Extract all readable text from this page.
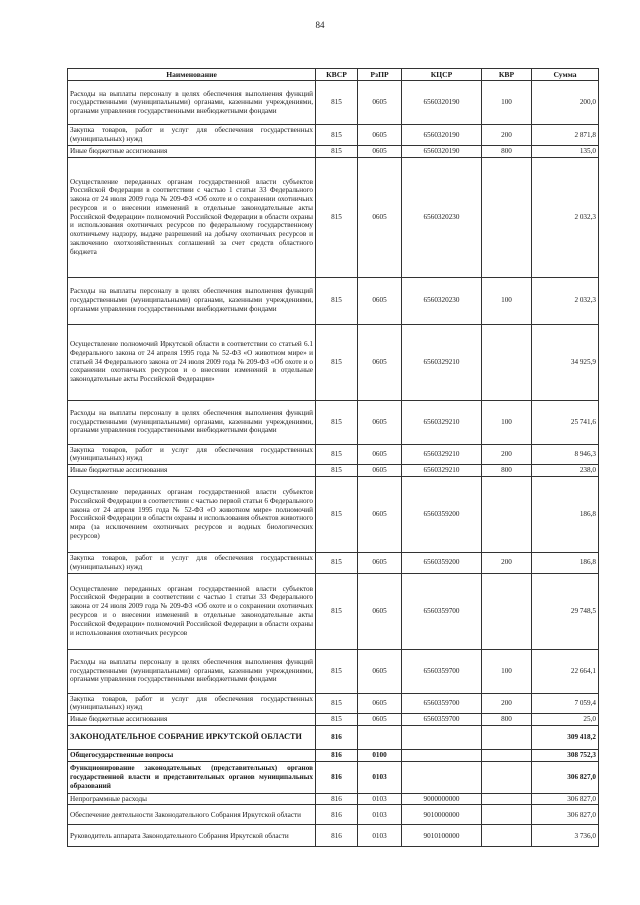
84
Наименование	КВСР	РзПР	КЦСР	КВР	Сумма
Расходы на выплаты персоналу в целях обеспечения выполнения функций государственными (муниципальными) органами, казенными учреждениями, органами управления государственными внебюджетными фондами	815	0605	6560320190	100	200,0
Закупка товаров, работ и услуг для обеспечения государственных (муниципальных) нужд	815	0605	6560320190	200	2 871,8
Иные бюджетные ассигнования	815	0605	6560320190	800	135,0
Осуществление переданных органам государственной власти субъектов Российской Федерации в соответствии с частью 1 статьи 33 Федерального закона от 24 июля 2009 года № 209-ФЗ «Об охоте и о сохранении охотничьих ресурсов и о внесении изменений в отдельные законодательные акты Российской Федерации» полномочий Российской Федерации в области охраны и использования охотничьих ресурсов по федеральному государственному охотничьему надзору, выдаче разрешений на добычу охотничьих ресурсов и заключению охотхозяйственных соглашений за счет средств областного бюджета	815	0605	6560320230		2 032,3
Расходы на выплаты персоналу в целях обеспечения выполнения функций государственными (муниципальными) органами, казенными учреждениями, органами управления государственными внебюджетными фондами	815	0605	6560320230	100	2 032,3
Осуществление полномочий Иркутской области в соответствии со статьей 6.1 Федерального закона от 24 апреля 1995 года № 52-ФЗ «О животном мире» и статьей 34 Федерального закона от 24 июля 2009 года № 209-ФЗ «Об охоте и о сохранении охотничьих ресурсов и о внесении изменений в отдельные законодательные акты Российской Федерации»	815	0605	6560329210		34 925,9
Расходы на выплаты персоналу в целях обеспечения выполнения функций государственными (муниципальными) органами, казенными учреждениями, органами управления государственными внебюджетными фондами	815	0605	6560329210	100	25 741,6
Закупка товаров, работ и услуг для обеспечения государственных (муниципальных) нужд	815	0605	6560329210	200	8 946,3
Иные бюджетные ассигнования	815	0605	6560329210	800	238,0
Осуществление переданных органам государственной власти субъектов Российской Федерации в соответствии с частью первой статьи 6 Федерального закона от 24 апреля 1995 года № 52-ФЗ «О животном мире» полномочий Российской Федерации в области охраны и использования объектов животного мира (за исключением охотничьих ресурсов и водных биологических ресурсов)	815	0605	6560359200		186,8
Закупка товаров, работ и услуг для обеспечения государственных (муниципальных) нужд	815	0605	6560359200	200	186,8
Осуществление переданных органам государственной власти субъектов Российской Федерации в соответствии с частью 1 статьи 33 Федерального закона от 24 июля 2009 года № 209-ФЗ «Об охоте и о сохранении охотничьих ресурсов и о внесении изменений в отдельные законодательные акты Российской Федерации» полномочий Российской Федерации в области охраны и использования охотничьих ресурсов	815	0605	6560359700		29 748,5
Расходы на выплаты персоналу в целях обеспечения выполнения функций государственными (муниципальными) органами, казенными учреждениями, органами управления государственными внебюджетными фондами	815	0605	6560359700	100	22 664,1
Закупка товаров, работ и услуг для обеспечения государственных (муниципальных) нужд	815	0605	6560359700	200	7 059,4
Иные бюджетные ассигнования	815	0605	6560359700	800	25,0
ЗАКОНОДАТЕЛЬНОЕ СОБРАНИЕ ИРКУТСКОЙ ОБЛАСТИ	816				309 418,2
Общегосударственные вопросы	816	0100			308 752,3
Функционирование законодательных (представительных) органов государственной власти и представительных органов муниципальных образований	816	0103			306 827,0
Непрограммные расходы	816	0103	9000000000		306 827,0
Обеспечение деятельности Законодательного Собрания Иркутской области	816	0103	9010000000		306 827,0
Руководитель аппарата Законодательного Собрания Иркутской области	816	0103	9010100000		3 736,0
